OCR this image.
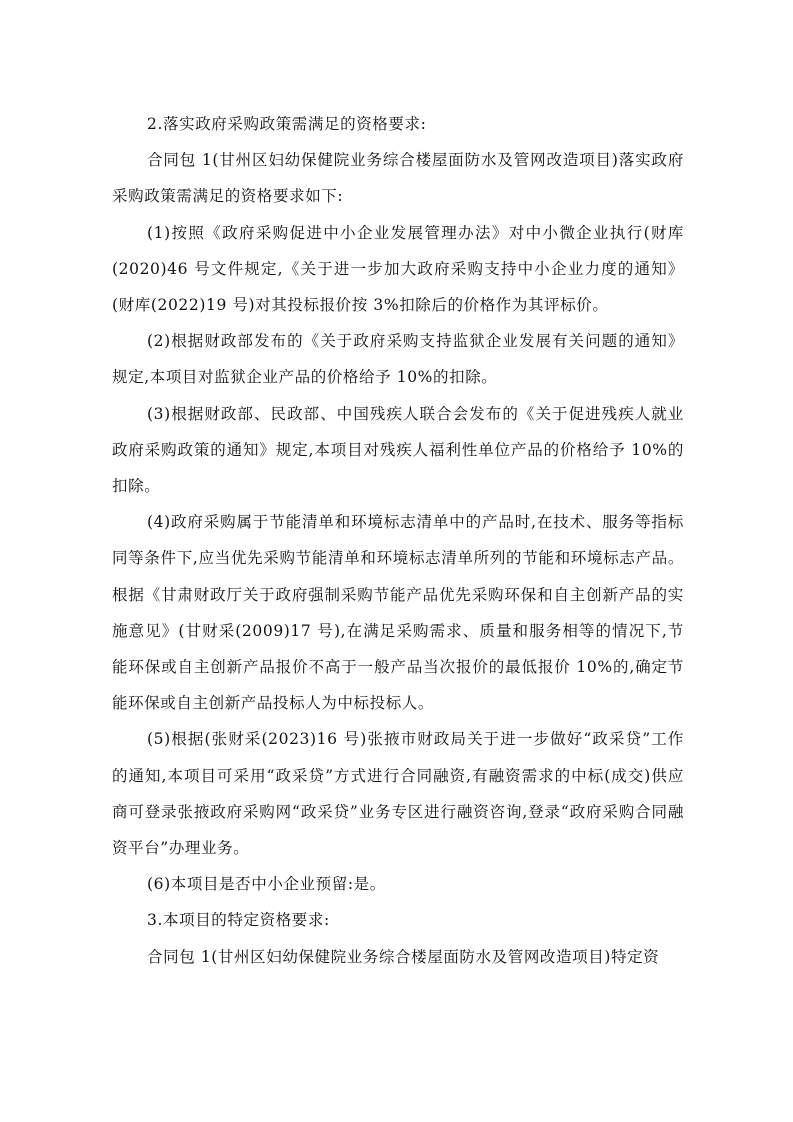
2.落实政府采购政策需满足的资格要求:

合同包 1(甘州区妇幼保健院业务综合楼屋面防水及管网改造项目)落实政府采购政策需满足的资格要求如下:

(1)按照《政府采购促进中小企业发展管理办法》对中小微企业执行(财库(2020)46 号文件规定,《关于进一步加大政府采购支持中小企业力度的通知》(财库(2022)19 号)对其投标报价按 3%扣除后的价格作为其评标价。

(2)根据财政部发布的《关于政府采购支持监狱企业发展有关问题的通知》规定,本项目对监狱企业产品的价格给予 10%的扣除。

(3)根据财政部、民政部、中国残疾人联合会发布的《关于促进残疾人就业政府采购政策的通知》规定,本项目对残疾人福利性单位产品的价格给予 10%的扣除。

(4)政府采购属于节能清单和环境标志清单中的产品时,在技术、服务等指标同等条件下,应当优先采购节能清单和环境标志清单所列的节能和环境标志产品。根据《甘肃财政厅关于政府强制采购节能产品优先采购环保和自主创新产品的实施意见》(甘财采(2009)17 号),在满足采购需求、质量和服务相等的情况下,节能环保或自主创新产品报价不高于一般产品当次报价的最低报价 10%的,确定节能环保或自主创新产品投标人为中标投标人。

(5)根据(张财采(2023)16 号)张掖市财政局关于进一步做好“政采贷”工作的通知,本项目可采用“政采贷”方式进行合同融资,有融资需求的中标(成交)供应商可登录张掖政府采购网“政采贷”业务专区进行融资咨询,登录“政府采购合同融资平台”办理业务。

(6)本项目是否中小企业预留:是。

3.本项目的特定资格要求:

合同包 1(甘州区妇幼保健院业务综合楼屋面防水及管网改造项目)特定资
